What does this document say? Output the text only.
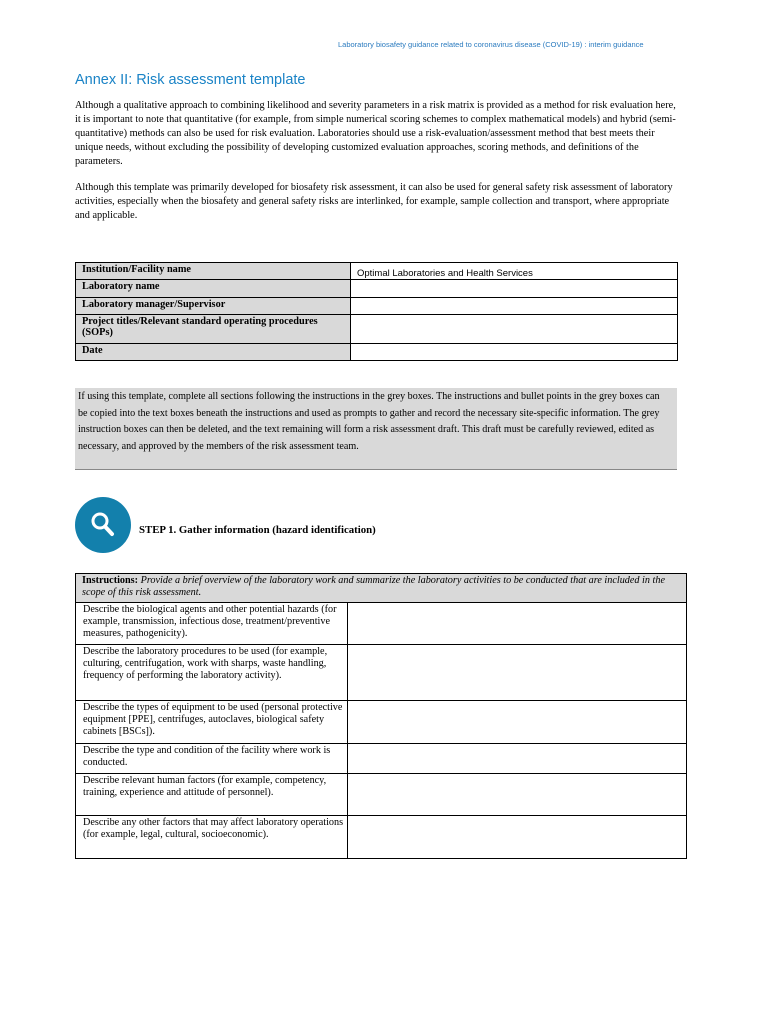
Laboratory biosafety guidance related to coronavirus disease (COVID-19) : interim guidance
Annex II: Risk assessment template

Although a qualitative approach to combining likelihood and severity parameters in a risk matrix is provided as a method for risk evaluation here, it is important to note that quantitative (for example, from simple numerical scoring schemes to complex mathematical models) and hybrid (semi-quantitative) methods can also be used for risk evaluation. Laboratories should use a risk-evaluation/assessment method that best meets their unique needs, without excluding the possibility of developing customized evaluation approaches, scoring methods, and definitions of the parameters.

Although this template was primarily developed for biosafety risk assessment, it can also be used for general safety risk assessment of laboratory activities, especially when the biosafety and general safety risks are interlinked, for example, sample collection and transport, where appropriate and applicable.

Institution/Facility name	Optimal Laboratories and Health Services
Laboratory name	
Laboratory manager/Supervisor	
Project titles/Relevant standard operating procedures (SOPs)	
Date	
If using this template, complete all sections following the instructions in the grey boxes. The instructions and bullet points in the grey boxes can be copied into the text boxes beneath the instructions and used as prompts to gather and record the necessary site-specific information. The grey instruction boxes can then be deleted, and the text remaining will form a risk assessment draft. This draft must be carefully reviewed, edited as necessary, and approved by the members of the risk assessment team.
STEP 1. Gather information (hazard identification)
Instructions: Provide a brief overview of the laboratory work and summarize the laboratory activities to be conducted that are included in the scope of this risk assessment.	
Describe the biological agents and other potential hazards (for example, transmission, infectious dose, treatment/preventive measures, pathogenicity).	
Describe the laboratory procedures to be used (for example, culturing, centrifugation, work with sharps, waste handling, frequency of performing the laboratory activity).	
Describe the types of equipment to be used (personal protective equipment [PPE], centrifuges, autoclaves, biological safety cabinets [BSCs]).	
Describe the type and condition of the facility where work is conducted.	
Describe relevant human factors (for example, competency, training, experience and attitude of personnel).	
Describe any other factors that may affect laboratory operations (for example, legal, cultural, socioeconomic).	
